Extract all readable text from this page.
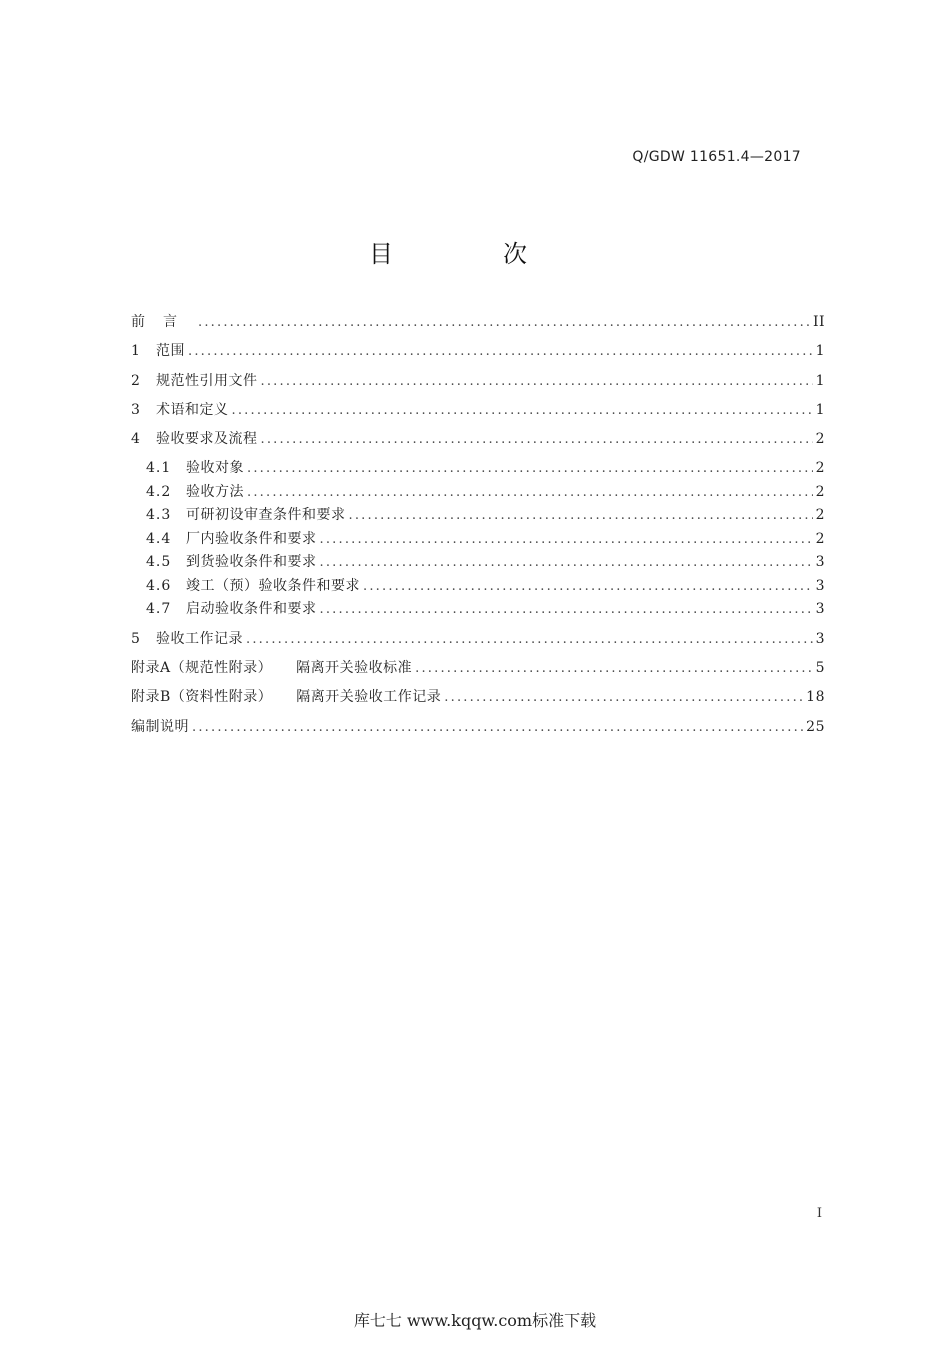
Q/GDW 11651.4—2017
目次
前言 .....	II
1	范围 .....	1
2	规范性引用文件 .....	1
3	术语和定义 .....	1
4	验收要求及流程 .....	2
4.1	验收对象 .....	2
4.2	验收方法 .....	2
4.3	可研初设审查条件和要求 .....	2
4.4	厂内验收条件和要求 .....	2
4.5	到货验收条件和要求 .....	3
4.6	竣工（预）验收条件和要求 .....	3
4.7	启动验收条件和要求 .....	3
5	验收工作记录 .....	3
附录A（规范性附录） 隔离开关验收标准 .....	5
附录B（资料性附录） 隔离开关验收工作记录 .....	18
编制说明 .....	25
I
库七七 www.kqqw.com标准下载
